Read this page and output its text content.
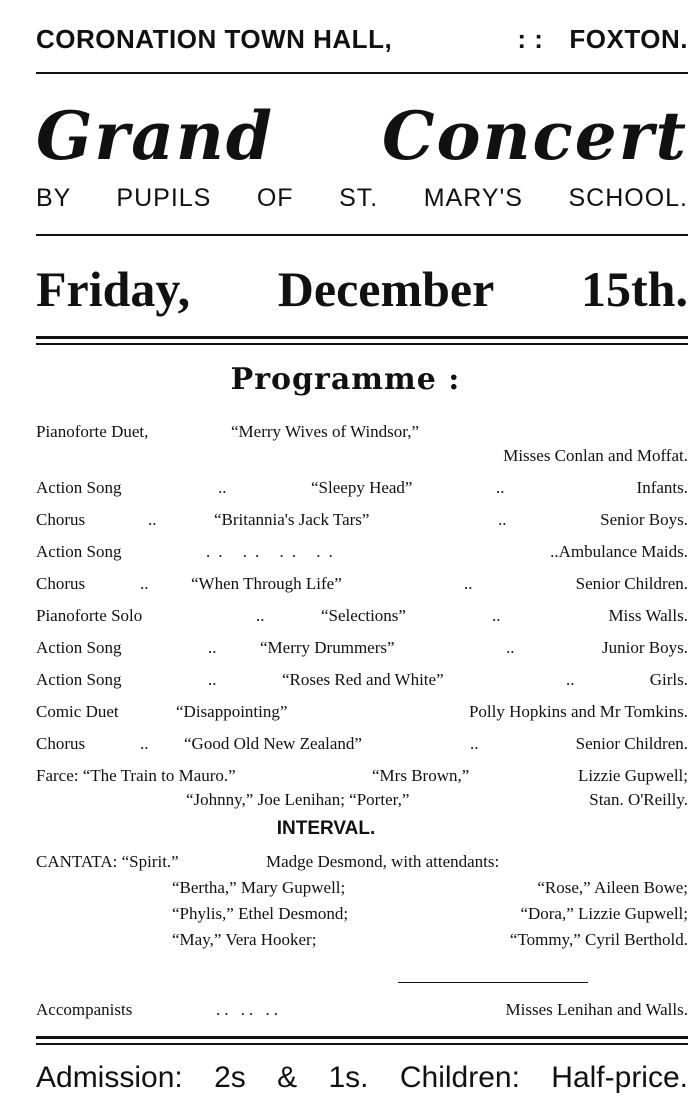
CORONATION TOWN HALL,	: : FOXTON.
Grand Concert
BY PUPILS OF ST. MARY'S SCHOOL.
Friday, December 15th.
Programme :
Pianoforte Duet,	“Merry Wives of Windsor,”
Misses Conlan and Moffat.
Action Song	..	“Sleepy Head”	..	Infants.
Chorus	..	“Britannia's Jack Tars”	..	Senior Boys.
Action Song	.. .. .. ..	..Ambulance Maids.
Chorus	..	“When Through Life”	..	Senior Children.
Pianoforte Solo	..	“Selections”	..	Miss Walls.
Action Song	..	“Merry Drummers”	..	Junior Boys.
Action Song	..	“Roses Red and White”	..	Girls.
Comic Duet	“Disappointing”	Polly Hopkins and Mr Tomkins.
Chorus	.. “Good Old New Zealand”	..	Senior Children.
Farce: “The Train to Mauro.”	“Mrs Brown,”	Lizzie Gupwell;
“Johnny,” Joe Lenihan; “Porter,”	Stan. O'Reilly.
INTERVAL.
CANTATA: “Spirit.”	Madge Desmond, with attendants:
“Bertha,” Mary Gupwell;	“Rose,” Aileen Bowe;
“Phylis,” Ethel Desmond;	“Dora,” Lizzie Gupwell;
“May,” Vera Hooker;	“Tommy,” Cyril Berthold.
Accompanists	.. .. ..	Misses Lenihan and Walls.
Admission: 2s & 1s. Children: Half-price.
